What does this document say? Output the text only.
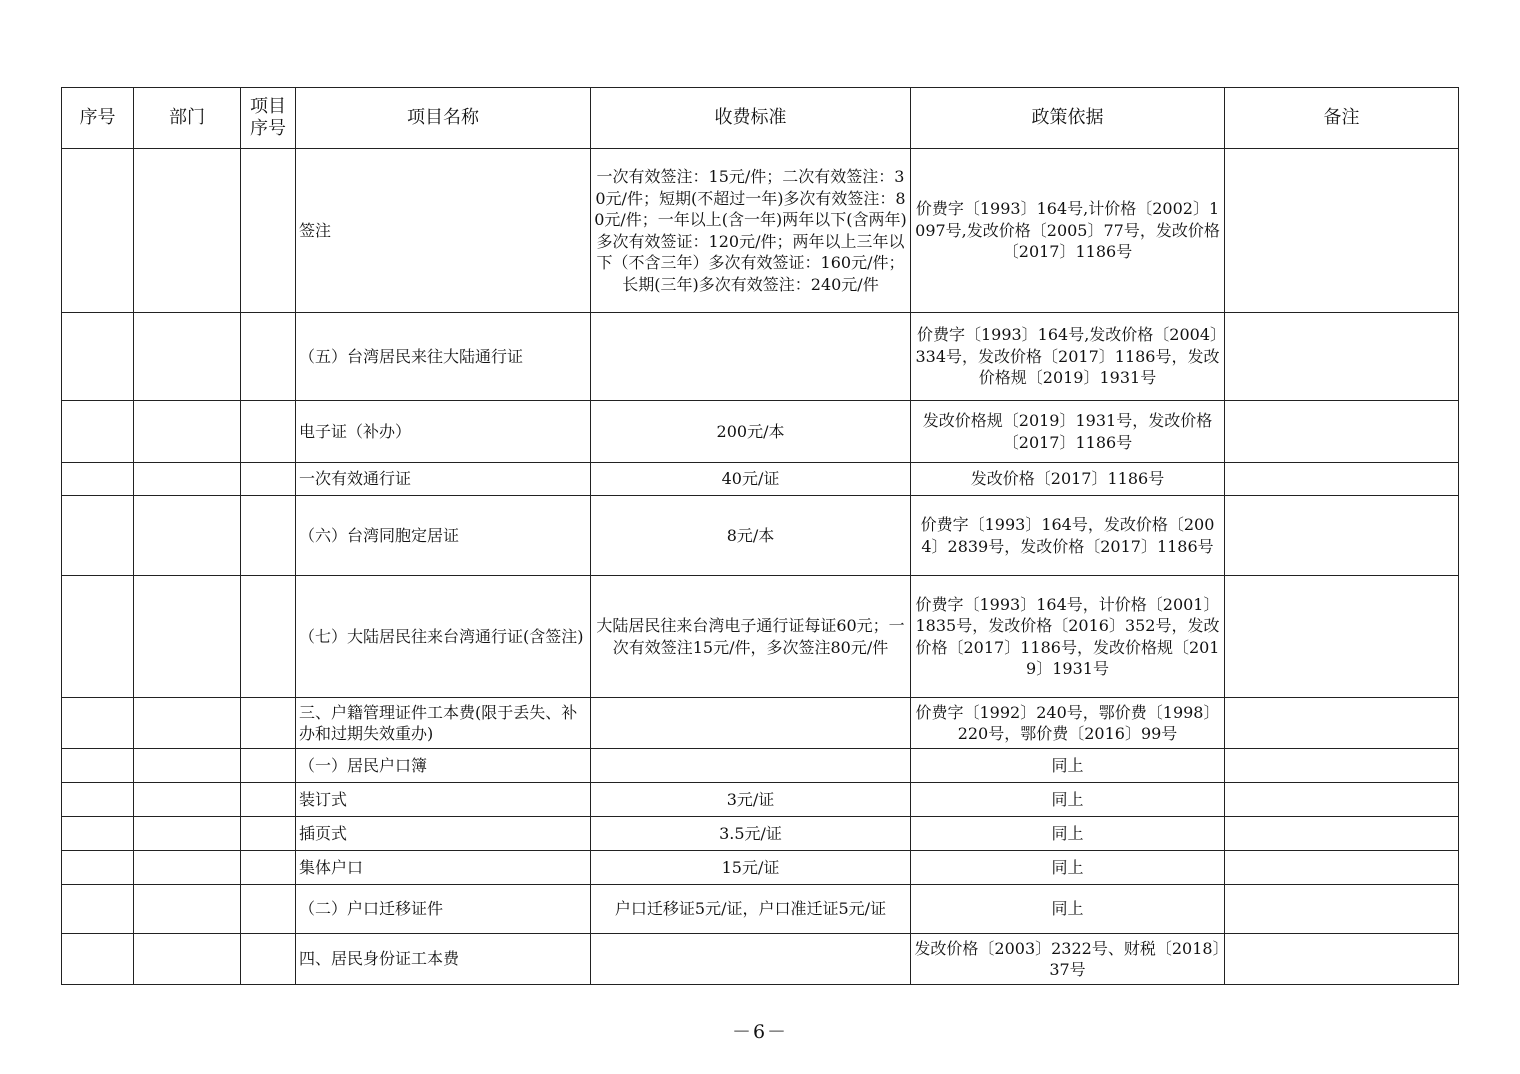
序号	部门	项目序号	项目名称	收费标准	政策依据	备注
			签注	一次有效签注：15元/件；二次有效签注：30元/件；短期(不超过一年)多次有效签注：80元/件；一年以上(含一年)两年以下(含两年)多次有效签证：120元/件；两年以上三年以下（不含三年）多次有效签证：160元/件；长期(三年)多次有效签注：240元/件	价费字〔1993〕164号,计价格〔2002〕1097号,发改价格〔2005〕77号，发改价格〔2017〕1186号	
			（五）台湾居民来往大陆通行证		价费字〔1993〕164号,发改价格〔2004〕334号，发改价格〔2017〕1186号，发改价格规〔2019〕1931号	
			电子证（补办）	200元/本	发改价格规〔2019〕1931号，发改价格〔2017〕1186号	
			一次有效通行证	40元/证	发改价格〔2017〕1186号	
			（六）台湾同胞定居证	8元/本	价费字〔1993〕164号，发改价格〔2004〕2839号，发改价格〔2017〕1186号	
			（七）大陆居民往来台湾通行证(含签注)	大陆居民往来台湾电子通行证每证60元；一次有效签注15元/件，多次签注80元/件	价费字〔1993〕164号，计价格〔2001〕1835号，发改价格〔2016〕352号，发改价格〔2017〕1186号，发改价格规〔2019〕1931号	
			三、户籍管理证件工本费(限于丢失、补办和过期失效重办)		价费字〔1992〕240号，鄂价费〔1998〕220号，鄂价费〔2016〕99号	
			（一）居民户口簿		同上	
			装订式	3元/证	同上	
			插页式	3.5元/证	同上	
			集体户口	15元/证	同上	
			（二）户口迁移证件	户口迁移证5元/证，户口准迁证5元/证	同上	
			四、居民身份证工本费		发改价格〔2003〕2322号、财税〔2018〕37号	
－6－
